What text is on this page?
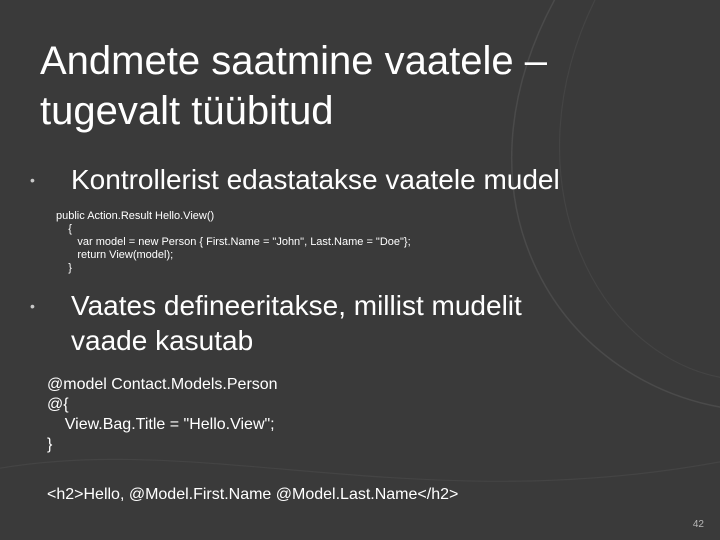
Andmete saatmine vaatele –
tugevalt tüübitud
• Kontrollerist edastatakse vaatele mudel
public Action.Result Hello.View()
{
var model = new Person { First.Name = "John", Last.Name = "Doe"};
return View(model);
}
• Vaates defineeritakse, millist mudelit
vaade kasutab
@model Contact.Models.Person
@{
View.Bag.Title = "Hello.View";
}
<h2>Hello, @Model.First.Name @Model.Last.Name</h2>
42
